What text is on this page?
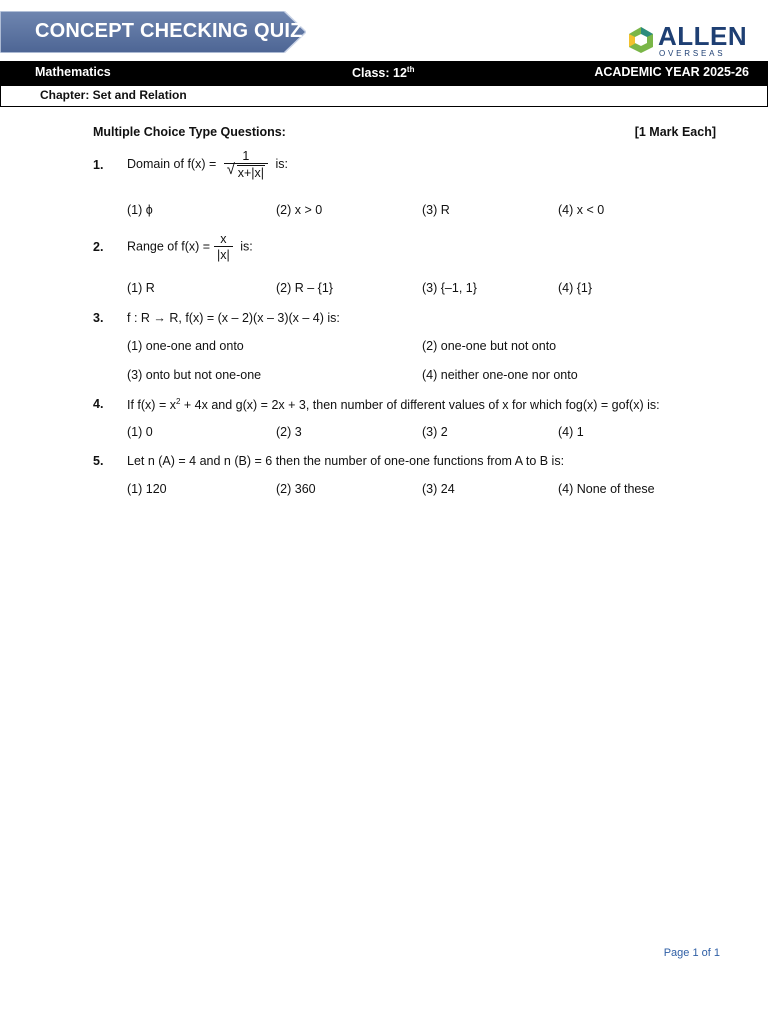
CONCEPT CHECKING QUIZ	ALLEN
OVERSEAS
Mathematics	Class: 12th	ACADEMIC YEAR 2025-26
Chapter: Set and Relation
Multiple Choice Type Questions:	[1 Mark Each]
1. Domain of $f(x) = \frac{1}{√ x+|x|}$ is:
(1) ϕ	(2) x > 0	(3) R	(4) x < 0
2. Range of $f(x) = \frac{x}{|x|}$ is:
(1) R	(2) R – {1}	(3) {–1, 1}	(4) {1}
3. f : R → R, f(x) = (x – 2)(x – 3)(x – 4) is:
(1) one-one and onto	(2) one-one but not onto
(3) onto but not one-one	(4) neither one-one nor onto
4. If $f(x) = x^2 + 4x$ and g(x) = 2x + 3, then number of different values of x for which fog(x) = gof(x) is:
(1) 0	(2) 3	(3) 2	(4) 1
5. Let n (A) = 4 and n (B) = 6 then the number of one-one functions from A to B is:
(1) 120	(2) 360	(3) 24	(4) None of these
Page 1 of 1
